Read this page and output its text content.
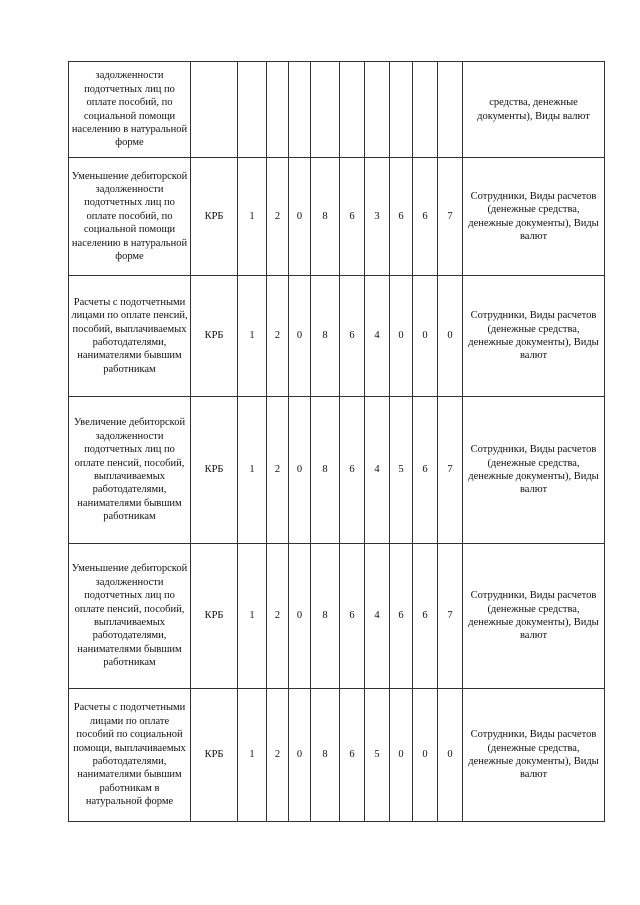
задолженности подотчетных лиц по оплате пособий, по социальной помощи населению в натуральной форме											средства, денежные документы), Виды валют
Уменьшение дебиторской задолженности подотчетных лиц по оплате пособий, по социальной помощи населению в натуральной форме	КРБ	1	2	0	8	6	3	6	6	7	Сотрудники, Виды расчетов (денежные средства, денежные документы), Виды валют
Расчеты с подотчетными лицами по оплате пенсий, пособий, выплачиваемых работодателями, нанимателями бывшим работникам	КРБ	1	2	0	8	6	4	0	0	0	Сотрудники, Виды расчетов (денежные средства, денежные документы), Виды валют
Увеличение дебиторской задолженности подотчетных лиц по оплате пенсий, пособий, выплачиваемых работодателями, нанимателями бывшим работникам	КРБ	1	2	0	8	6	4	5	6	7	Сотрудники, Виды расчетов (денежные средства, денежные документы), Виды валют
Уменьшение дебиторской задолженности подотчетных лиц по оплате пенсий, пособий, выплачиваемых работодателями, нанимателями бывшим работникам	КРБ	1	2	0	8	6	4	6	6	7	Сотрудники, Виды расчетов (денежные средства, денежные документы), Виды валют
Расчеты с подотчетными лицами по оплате пособий по социальной помощи, выплачиваемых работодателями, нанимателями бывшим работникам в натуральной форме	КРБ	1	2	0	8	6	5	0	0	0	Сотрудники, Виды расчетов (денежные средства, денежные документы), Виды валют
